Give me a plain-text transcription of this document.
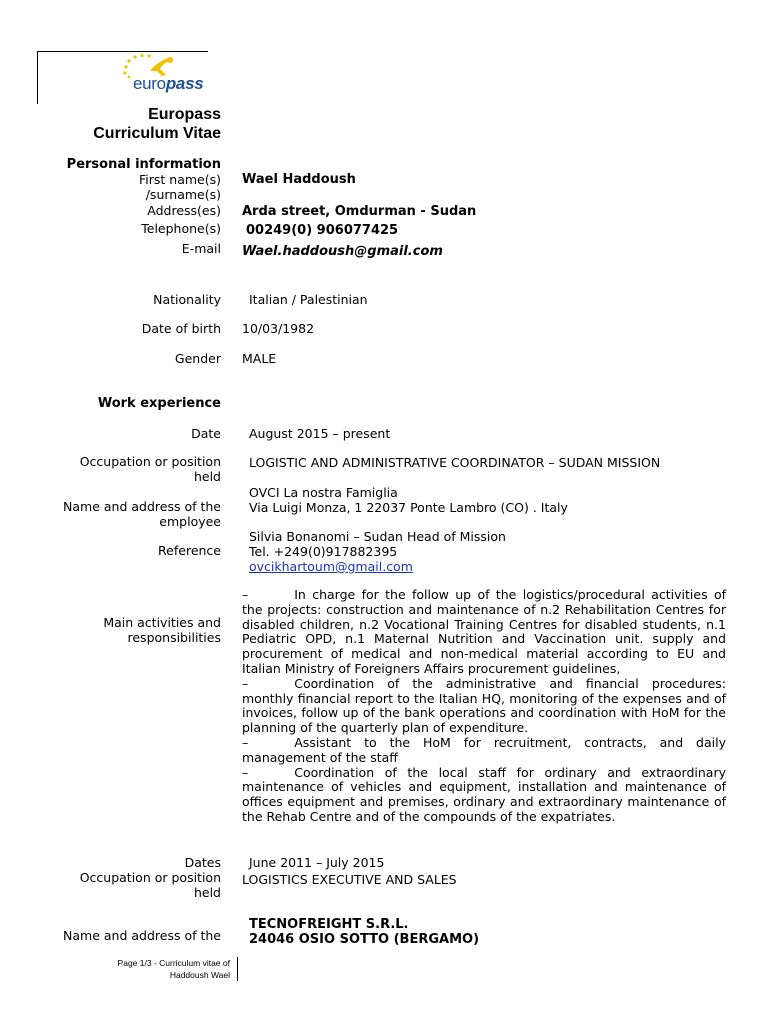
europass
Europass
Curriculum Vitae
Personal information
First name(s)
/surname(s)
Wael Haddoush
Address(es) Arda street, Omdurman - Sudan
Telephone(s) 00249(0) 906077425
E-mail Wael.haddoush@gmail.com
Nationality Italian / Palestinian
Date of birth 10/03/1982
Gender MALE
Work experience
Date August 2015 – present
Occupation or position
held
LOGISTIC AND ADMINISTRATIVE COORDINATOR – SUDAN MISSION
Name and address of the
employee
OVCI La nostra Famiglia
Via Luigi Monza, 1 22037 Ponte Lambro (CO) . Italy
Reference
Silvia Bonanomi – Sudan Head of Mission
Tel. +249(0)917882395
ovcikhartoum@gmail.com
Main activities and
responsibilities

–	In charge for the follow up of the logistics/procedural activities of the projects: construction and maintenance of n.2 Rehabilitation Centres for disabled children, n.2 Vocational Training Centres for disabled students, n.1 Pediatric OPD, n.1 Maternal Nutrition and Vaccination unit. supply and procurement of medical and non-medical material according to EU and Italian Ministry of Foreigners Affairs procurement guidelines,

–	Coordination of the administrative and financial procedures: monthly financial report to the Italian HQ, monitoring of the expenses and of invoices, follow up of the bank operations and coordination with HoM for the planning of the quarterly plan of expenditure.

–	Assistant to the HoM for recruitment, contracts, and daily management of the staff

–	Coordination of the local staff for ordinary and extraordinary maintenance of vehicles and equipment, installation and maintenance of offices equipment and premises, ordinary and extraordinary maintenance of the Rehab Centre and of the compounds of the expatriates.

Dates June 2011 – July 2015
Occupation or position
held
LOGISTICS EXECUTIVE AND SALES
Name and address of the
TECNOFREIGHT S.R.L.
24046 OSIO SOTTO (BERGAMO)
Page 1/3 - Curriculum vitae of
Haddoush Wael
